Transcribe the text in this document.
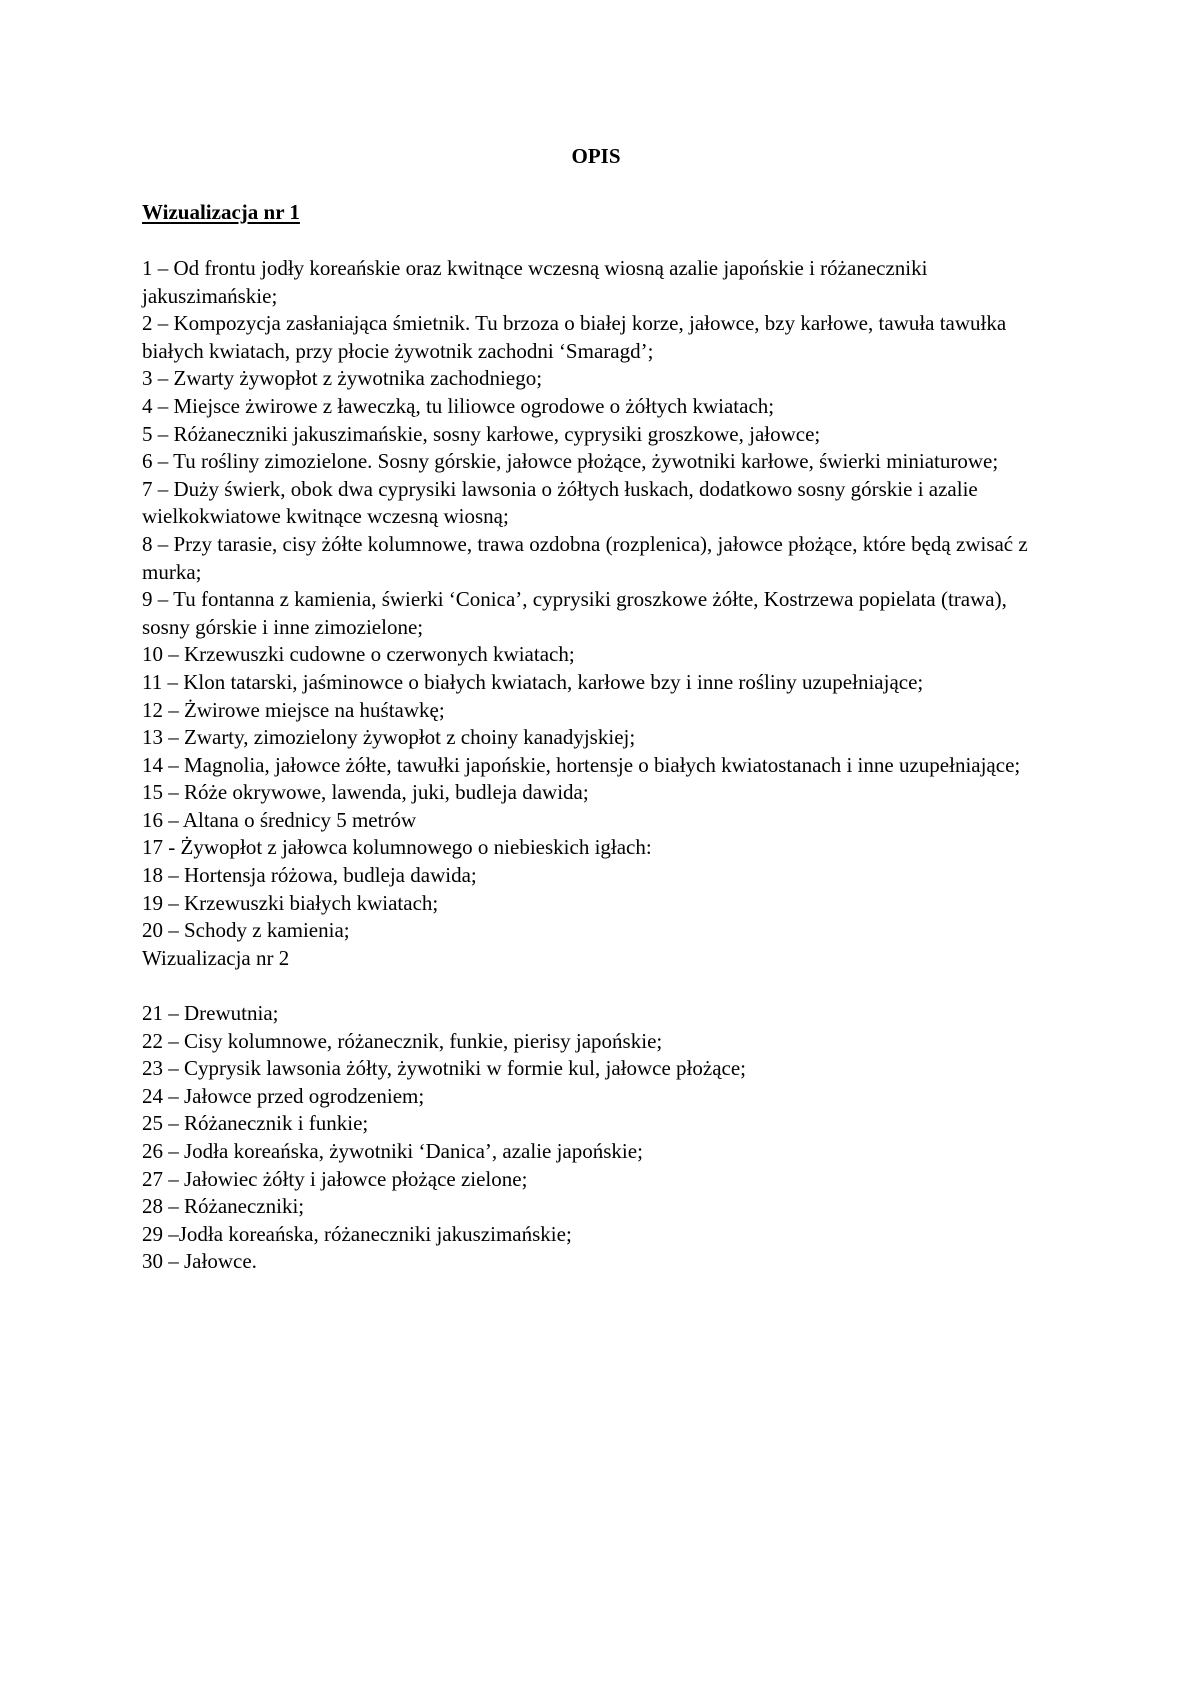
OPIS
Wizualizacja nr 1

1 – Od frontu jodły koreańskie oraz kwitnące wczesną wiosną azalie japońskie i różaneczniki jakuszimańskie;

2 – Kompozycja zasłaniająca śmietnik. Tu brzoza o białej korze, jałowce, bzy karłowe, tawuła tawułka białych kwiatach, przy płocie żywotnik zachodni ‘Smaragd’;

3 – Zwarty żywopłot z żywotnika zachodniego;

4 – Miejsce żwirowe z ławeczką, tu liliowce ogrodowe o żółtych kwiatach;

5 – Różaneczniki jakuszimańskie, sosny karłowe, cyprysiki groszkowe, jałowce;

6 – Tu rośliny zimozielone. Sosny górskie, jałowce płożące, żywotniki karłowe, świerki miniaturowe;

7 – Duży świerk, obok dwa cyprysiki lawsonia o żółtych łuskach, dodatkowo sosny górskie i azalie wielkokwiatowe kwitnące wczesną wiosną;

8 – Przy tarasie, cisy żółte kolumnowe, trawa ozdobna (rozplenica), jałowce płożące, które będą zwisać z murka;

9 – Tu fontanna z kamienia, świerki ‘Conica’, cyprysiki groszkowe żółte, Kostrzewa popielata (trawa), sosny górskie i inne zimozielone;

10 – Krzewuszki cudowne o czerwonych kwiatach;

11 – Klon tatarski, jaśminowce o białych kwiatach, karłowe bzy i inne rośliny uzupełniające;

12 – Żwirowe miejsce na huśtawkę;

13 – Zwarty, zimozielony żywopłot z choiny kanadyjskiej;

14 – Magnolia, jałowce żółte, tawułki japońskie, hortensje o białych kwiatostanach i inne uzupełniające;

15 – Róże okrywowe, lawenda, juki, budleja dawida;

16 – Altana o średnicy 5 metrów

17 - Żywopłot z jałowca kolumnowego o niebieskich igłach:

18 – Hortensja różowa, budleja dawida;

19 – Krzewuszki białych kwiatach;

20 – Schody z kamienia;

Wizualizacja nr 2

21 – Drewutnia;

22 – Cisy kolumnowe, różanecznik, funkie, pierisy japońskie;

23 – Cyprysik lawsonia żółty, żywotniki w formie kul, jałowce płożące;

24 – Jałowce przed ogrodzeniem;

25 – Różanecznik i funkie;

26 – Jodła koreańska, żywotniki ‘Danica’, azalie japońskie;

27 – Jałowiec żółty i jałowce płożące zielone;

28 – Różaneczniki;

29 –Jodła koreańska, różaneczniki jakuszimańskie;

30 – Jałowce.
